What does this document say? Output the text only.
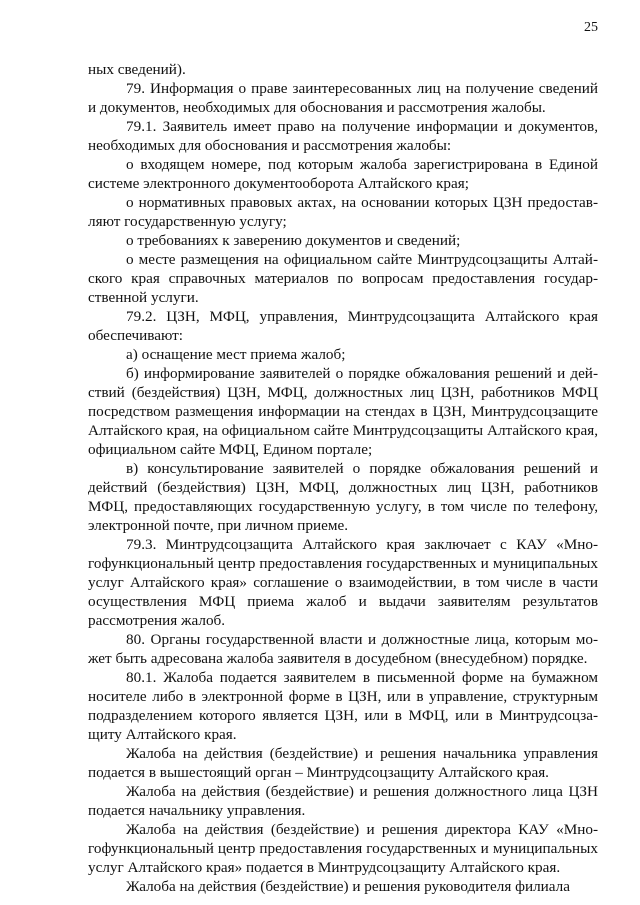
25

ных сведений).

79. Информация о праве заинтересованных лиц на получение сведений и документов, необходимых для обоснования и рассмотрения жалобы.

79.1. Заявитель имеет право на получение информации и документов, необходимых для обоснования и рассмотрения жалобы:

о входящем номере, под которым жалоба зарегистрирована в Единой системе электронного документооборота Алтайского края;

о нормативных правовых актах, на основании которых ЦЗН предоставляют государственную услугу;

о требованиях к заверению документов и сведений;

о месте размещения на официальном сайте Минтрудсоцзащиты Алтайского края справочных материалов по вопросам предоставления государственной услуги.

79.2. ЦЗН, МФЦ, управления, Минтрудсоцзащита Алтайского края обеспечивают:

а) оснащение мест приема жалоб;

б) информирование заявителей о порядке обжалования решений и действий (бездействия) ЦЗН, МФЦ, должностных лиц ЦЗН, работников МФЦ посредством размещения информации на стендах в ЦЗН, Минтрудсоцзащите Алтайского края, на официальном сайте Минтрудсоцзащиты Алтайского края, официальном сайте МФЦ, Едином портале;

в) консультирование заявителей о порядке обжалования решений и действий (бездействия) ЦЗН, МФЦ, должностных лиц ЦЗН, работников МФЦ, предоставляющих государственную услугу, в том числе по телефону, электронной почте, при личном приеме.

79.3. Минтрудсоцзащита Алтайского края заключает с КАУ «Многофункциональный центр предоставления государственных и муниципальных услуг Алтайского края» соглашение о взаимодействии, в том числе в части осуществления МФЦ приема жалоб и выдачи заявителям результатов рассмотрения жалоб.

80. Органы государственной власти и должностные лица, которым может быть адресована жалоба заявителя в досудебном (внесудебном) порядке.

80.1. Жалоба подается заявителем в письменной форме на бумажном носителе либо в электронной форме в ЦЗН, или в управление, структурным подразделением которого является ЦЗН, или в МФЦ, или в Минтрудсоцзащиту Алтайского края.

Жалоба на действия (бездействие) и решения начальника управления подается в вышестоящий орган – Минтрудсоцзащиту Алтайского края.

Жалоба на действия (бездействие) и решения должностного лица ЦЗН подается начальнику управления.

Жалоба на действия (бездействие) и решения директора КАУ «Многофункциональный центр предоставления государственных и муниципальных услуг Алтайского края» подается в Минтрудсоцзащиту Алтайского края.

Жалоба на действия (бездействие) и решения руководителя филиала
